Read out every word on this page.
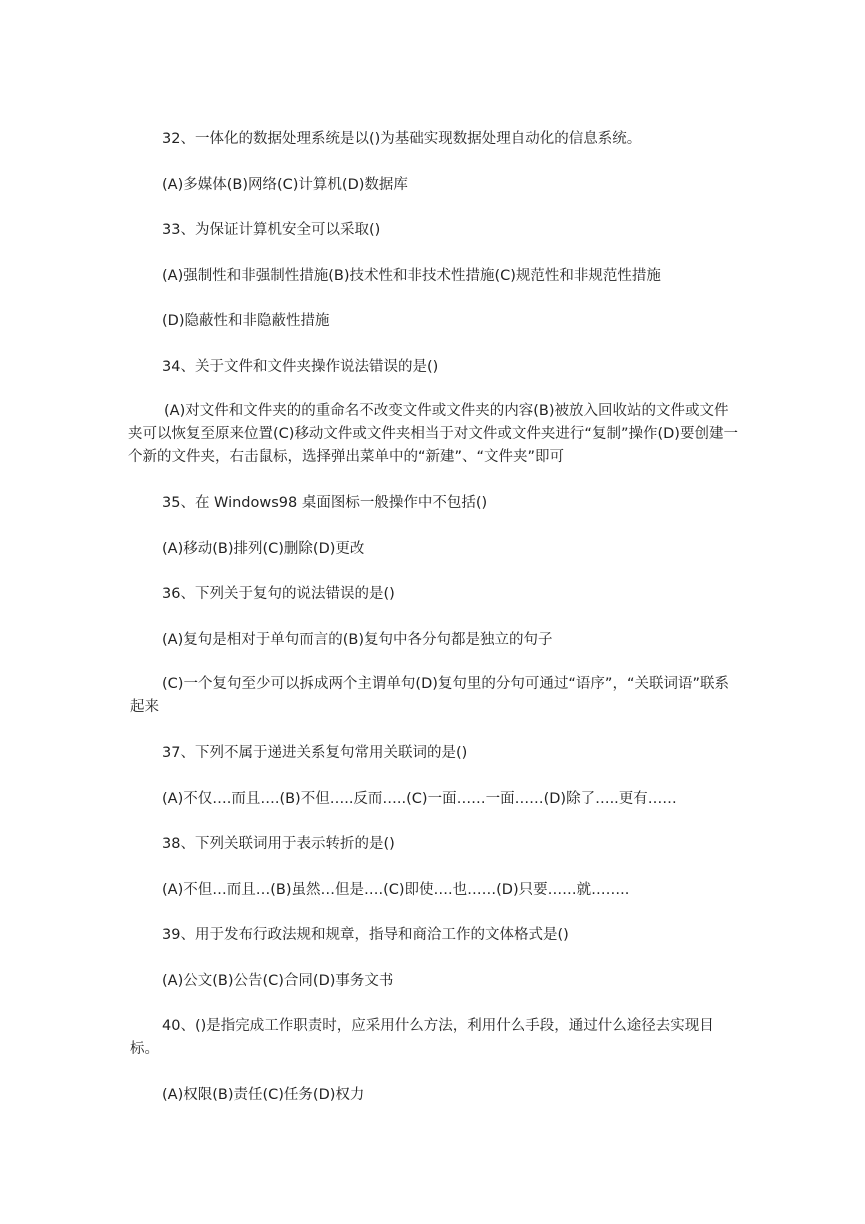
32、一体化的数据处理系统是以()为基础实现数据处理自动化的信息系统。

(A)多媒体(B)网络(C)计算机(D)数据库

33、为保证计算机安全可以采取()

(A)强制性和非强制性措施(B)技术性和非技术性措施(C)规范性和非规范性措施

(D)隐蔽性和非隐蔽性措施

34、关于文件和文件夹操作说法错误的是()

(A)对文件和文件夹的的重命名不改变文件或文件夹的内容(B)被放入回收站的文件或文件夹可以恢复至原来位置(C)移动文件或文件夹相当于对文件或文件夹进行“复制”操作(D)要创建一个新的文件夹，右击鼠标，选择弹出菜单中的“新建”、“文件夹”即可

35、在 Windows98 桌面图标一般操作中不包括()

(A)移动(B)排列(C)删除(D)更改

36、下列关于复句的说法错误的是()

(A)复句是相对于单句而言的(B)复句中各分句都是独立的句子

(C)一个复句至少可以拆成两个主谓单句(D)复句里的分句可通过“语序”，“关联词语”联系起来

37、下列不属于递进关系复句常用关联词的是()

(A)不仅….而且….(B)不但…..反而…..(C)一面……一面……(D)除了…..更有……

38、下列关联词用于表示转折的是()

(A)不但…而且…(B)虽然…但是….(C)即使….也……(D)只要……就……..

39、用于发布行政法规和规章，指导和商洽工作的文体格式是()

(A)公文(B)公告(C)合同(D)事务文书

40、()是指完成工作职责时，应采用什么方法，利用什么手段，通过什么途径去实现目标。

(A)权限(B)责任(C)任务(D)权力
